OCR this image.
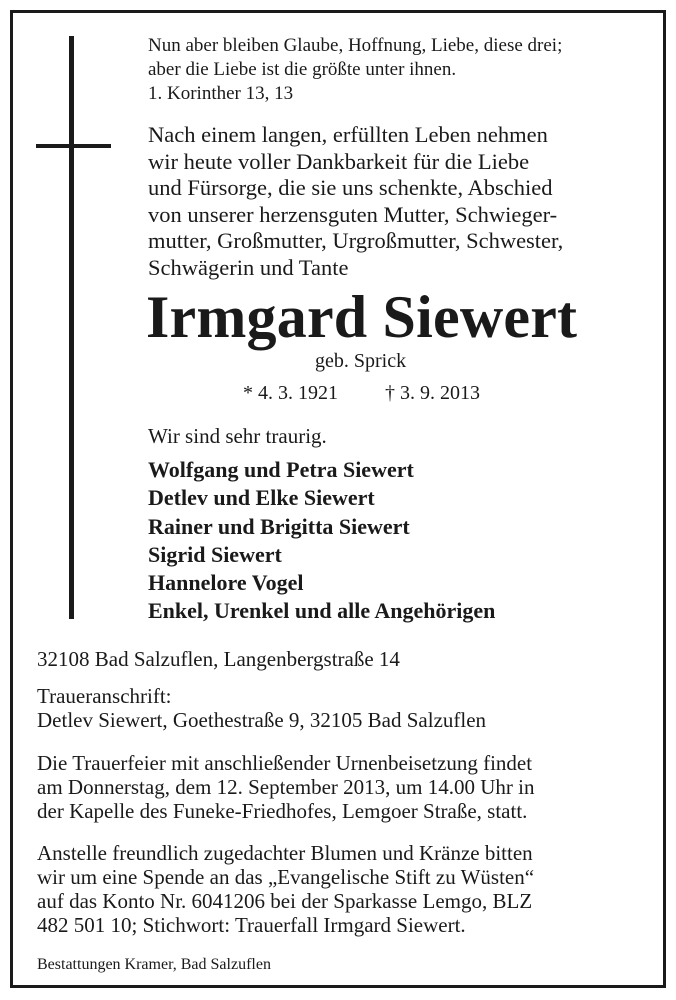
Nun aber bleiben Glaube, Hoffnung, Liebe, diese drei;
aber die Liebe ist die größte unter ihnen.
1. Korinther 13, 13
Nach einem langen, erfüllten Leben nehmen
wir heute voller Dankbarkeit für die Liebe
und Fürsorge, die sie uns schenkte, Abschied
von unserer herzensguten Mutter, Schwieger-
mutter, Großmutter, Urgroßmutter, Schwester,
Schwägerin und Tante
Irmgard Siewert
geb. Sprick
* 4. 3. 1921 † 3. 9. 2013
Wir sind sehr traurig.
Wolfgang und Petra Siewert
Detlev und Elke Siewert
Rainer und Brigitta Siewert
Sigrid Siewert
Hannelore Vogel
Enkel, Urenkel und alle Angehörigen
32108 Bad Salzuflen, Langenbergstraße 14
Traueranschrift:
Detlev Siewert, Goethestraße 9, 32105 Bad Salzuflen
Die Trauerfeier mit anschließender Urnenbeisetzung findet
am Donnerstag, dem 12. September 2013, um 14.00 Uhr in
der Kapelle des Funeke-Friedhofes, Lemgoer Straße, statt.
Anstelle freundlich zugedachter Blumen und Kränze bitten
wir um eine Spende an das „Evangelische Stift zu Wüsten“
auf das Konto Nr. 6041206 bei der Sparkasse Lemgo, BLZ
482 501 10; Stichwort: Trauerfall Irmgard Siewert.
Bestattungen Kramer, Bad Salzuflen
